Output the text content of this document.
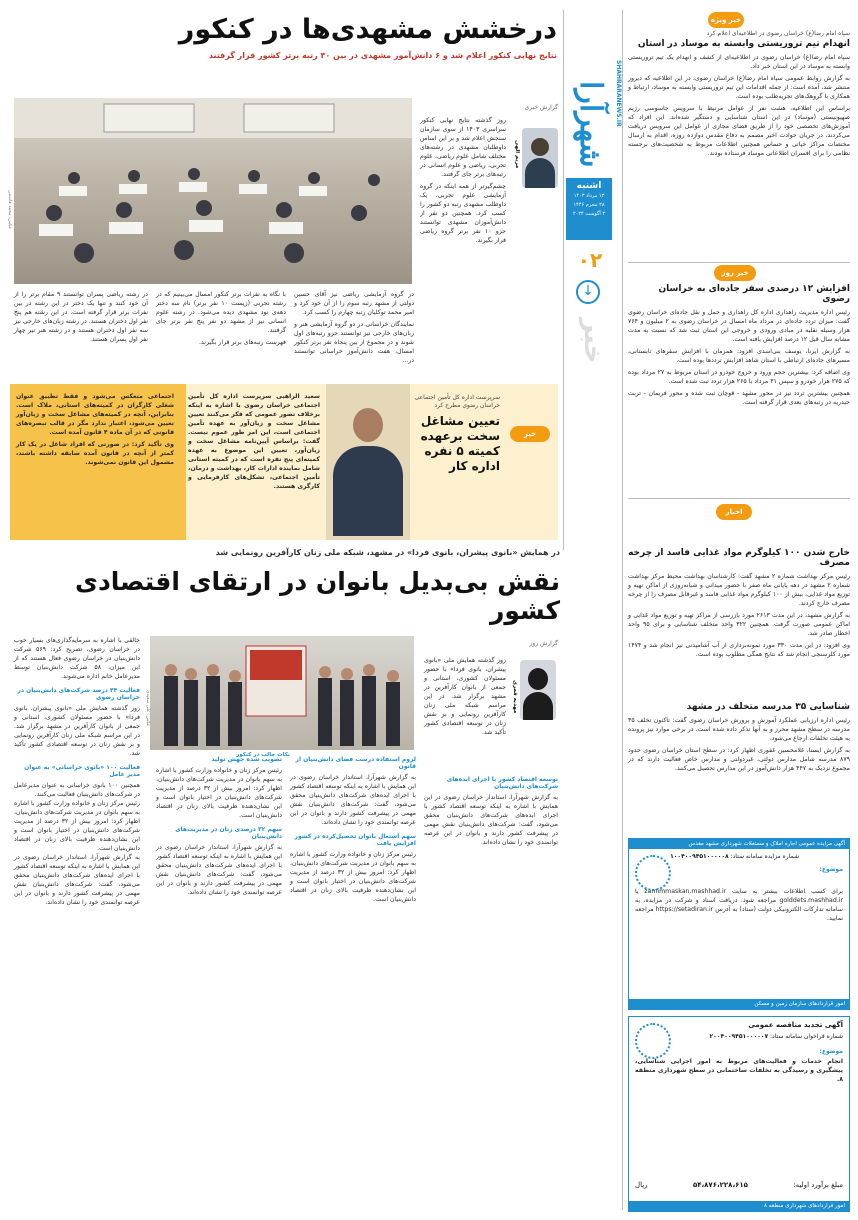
شهرآرا
اشنبه
۱۳ مرداد ۱۴۰۳
۲۸ محرم ۱۴۴۶
۳ آگوست ۲۰۲۴
۰۲
↓
خبر
SHAHRARANEWS.IR
خبر ویژه
سپاه امام رضا(ع) خراسان رضوی در اطلاعیه‌ای اعلام کرد
انهدام تیم تروریستی وابسته به موساد در استان

سپاه امام رضا(ع) خراسان رضوی در اطلاعیه‌ای از کشف و انهدام یک تیم تروریستی وابسته به موساد در این استان خبر داد.

به گزارش روابط عمومی سپاه امام رضا(ع) خراسان رضوی، در این اطلاعیه که دیروز منتشر شد، آمده است: از جمله اقدامات این تیم تروریستی وابسته به موساد، ارتباط و همکاری با گروهک‌های تجزیه‌طلب بوده است.

براساس این اطلاعیه، هشت نفر از عوامل مرتبط با سرویس جاسوسی رژیم صهیونیستی (موساد) در این استان شناسایی و دستگیر شده‌اند. این افراد که آموزش‌های تخصصی خود را از طریق فضای مجازی از عوامل این سرویس دریافت می‌کردند، در جریان حوادث اخیر مصمم به دفاع مقدس دوازده روزه، اقدام به ارسال مختصات مراکز حیاتی و حساس همچنین اطلاعات مربوط به شخصیت‌های برجسته نظامی را برای افسران اطلاعاتی موساد فرستاده بودند.

خبر روز
افزایش ۱۲ درصدی سفر جاده‌ای به خراسان رضوی

رئیس اداره مدیریت راهداری اداره کل راهداری و حمل و نقل جاده‌ای خراسان رضوی گفت: میزان تردد جاده‌ای در مرداد ماه امسال در خراسان رضوی به ۲ میلیون و ۷۶۴ هزار وسیله نقلیه در مبادی ورودی و خروجی این استان ثبت شد که نسبت به مدت مشابه سال قبل ۱۲ درصد افزایش یافته است.

به گزارش ایرنا، یوسف بنی‌اسدی افزود: همزمان با افزایش سفرهای تابستانی، مسیرهای جاده‌ای ارتباطی با استان شاهد افزایش ترددها بوده است.

وی اضافه کرد: بیشترین حجم ورود و خروج خودرو در استان مربوط به ۲۷ مرداد بوده که ۲۷۵ هزار خودرو و سپس ۳۱ مرداد با ۲۶۵ هزار تردد ثبت شده است.

همچنین بیشترین تردد نیز در محور مشهد - قوچان ثبت شده و محور فریمان - تربت حیدریه در رتبه‌های بعدی قرار گرفته است.

اخبار
خارج شدن ۱۰۰ کیلوگرم مواد غذایی فاسد از چرخه مصرف

رئیس مرکز بهداشت شماره ۲ مشهد گفت: کارشناسان بهداشت محیط مرکز بهداشت شماره ۲ مشهد در دهه پایانی ماه صفر با حضور میدانی و شبانه‌روزی از اماکن تهیه و توزیع مواد غذایی، بیش از ۱۰۰ کیلوگرم مواد غذایی فاسد و غیرقابل مصرف را از چرخه مصرف خارج کردند.

به گزارش مشهد، در این مدت ۲۶۱۳ مورد بازرسی از مراکز تهیه و توزیع مواد غذایی و اماکن عمومی صورت گرفت. همچنین ۳۲۲ واحد متخلف شناسایی و برای ۹۵ واحد اخطار صادر شد.

وی افزود: در این مدت ۳۳۰ مورد نمونه‌برداری از آب آشامیدنی نیز انجام شد و ۱۴۷۴ مورد کلرسنجی انجام شد که نتایج همگی مطلوب بوده است.

شناسایی ۳۵ مدرسه متخلف در مشهد

رئیس اداره ارزیابی عملکرد آموزش و پرورش خراسان رضوی گفت: تاکنون تخلف ۳۵ مدرسه در سطح مشهد محرز و به آنها تذکر داده شده است. در برخی موارد نیز پرونده به هیئت تخلفات ارجاع می‌شود.

به گزارش ایسنا، غلامحسین غفوری اظهار کرد: در سطح استان خراسان رضوی حدود ۸۷۹ مدرسه شامل مدارس دولتی، غیردولتی و مدارس خاص فعالیت دارند که در مجموع نزدیک به ۴۴۷ هزار دانش‌آموز در این مدارس تحصیل می‌کنند.

آگهی مزایده عمومی اجاره املاک و مستغلات شهرداری مشهد مقدس
شماره مزایده سامانه ستاد: ۱۰۰۴۰۰۹۴۵۱۰۰۰۰۰۸
موضوع:
برای کسب اطلاعات بیشتر به سایت zamimmaskan.mashhad.ir یا golddets.mashhad.ir مراجعه شود. دریافت اسناد و شرکت در مزایده، به سامانه تدارکات الکترونیکی دولت (ستاد) به آدرس https://setadiran.ir مراجعه نمایید.
امور قراردادهای سازمان زمین و مسکن
آگهی تجدید مناقصه عمومی
شماره فراخوان سامانه ستاد: ۲۰۰۴۰۰۹۴۵۱۰۰۰۰۰۷
موضوع:
انجام خدمات و فعالیت‌های مربوط به امور اجرایی شناسایی، پیشگیری و رسیدگی به تخلفات ساختمانی در سطح شهرداری منطقه ۸.
مبلغ برآورد اولیه:
۵۴،۸۷۶،۲۲۸،۶۱۵
ریال
امور قراردادهای شهرداری منطقه ۸
درخشش مشهدی‌ها در کنکور
نتایج نهایی کنکور اعلام شد و ۶ دانش‌آموز مشهدی در بین ۳۰ رتبه برتر کشور قرار گرفتند
عکس: محمد قاسمی
گزارش خبری
مریم الهی

روز گذشته نتایج نهایی کنکور سراسری ۱۴۰۳ از سوی سازمان سنجش اعلام شد و بر این اساس داوطلبان مشهدی در رشته‌های مختلف شامل علوم ریاضی، علوم تجربی، ریاضی و علوم انسانی در رتبه‌های برتر جای گرفتند.

چشم‌گیرتر از همه اینکه در گروه آزمایشی علوم تجربی، یک داوطلب مشهدی رتبه دو کشور را کسب کرد. همچنین دو نفر از دانش‌آموزان مشهدی توانستند جزو ۱۰ نفر برتر گروه ریاضی قرار بگیرند.

در گروه آزمایشی ریاضی نیز آقای حسین دولتی از مشهد رتبه سوم را از آن خود کرد و امیر محمد توکلیان رتبه چهارم را کسب کرد.

نمایندگان خراسانی در دو گروه آزمایشی هنر و زبان‌های خارجی نیز توانستند جزو رتبه‌های اول شوند و در مجموع از بین پنجاه نفر برتر کنکور امسال، هفت دانش‌آموز خراسانی توانستند در...

با نگاه به نفرات برتر کنکور امسال می‌بینیم که در رشته تجربی (زیست ۱۰ نفر برتر) نام سه دختر دهه‌ی نود مشهدی دیده می‌شود. در رشته علوم انسانی نیز از مشهد دو نفر پنج نفر برتر جای گرفتند.

فهرست رتبه‌های برتر قرار بگیرند.

در رشته ریاضی پسران توانستند ۹ مقام برتر را از آن خود کنند و تنها یک دختر در این رشته در بین نفرات برتر قرار گرفته است. در این رشته هم پنج نفر اول دختران هستند. در رشته زبان‌های خارجی نیز سه نفر اول دختران هستند و در رشته هنر نیز چهار نفر اول پسران هستند.

خبر
سرپرست اداره کل تأمین اجتماعی خراسان رضوی مطرح کرد
تعیین مشاغل سخت برعهده کمیته ۵ نفره اداره کار

سعید الراهبی سرپرست اداره کل تأمین اجتماعی خراسان رضوی با اشاره به اینکه برخلاف تصور عمومی که فکر می‌کنند تعیین مشاغل سخت و زیان‌آور به عهده تأمین اجتماعی است، این امر طور عموم نیست. گفت: براساس آیین‌نامه مشاغل سخت و زیان‌آور، تعیین این موضوع به عهده کمیته‌ای پنج نفره است که در کمیته استانی شامل نماینده ادارات کار، بهداشت و درمان، تأمین اجتماعی، تشکل‌های کارفرمایی و کارگری هستند.

اجتماعی متعکس می‌شود و فقط تطبیق عنوان شغلی کارگران در کمیته‌های استانی، ملاک است. بنابراین، آنچه در کمیته‌های مشاغل سخت و زیان‌آور تعیین می‌شود، اعتبار ندارد مگر در قالب تبصره‌های قانونی که در آن ماده ۴ قانون آمده است.

وی تأکید کرد: در صورتی که افراد شاغل در یک کار کمتر از آنچه در قانون آمده سابقه داشته باشند، مشمول این قانون نمی‌شوند.

در همایش «بانوی پیشران، بانوی فردا» در مشهد، شبکه ملی زنان کارآفرین رونمایی شد
نقش بی‌بدیل بانوان در ارتقای اقتصادی کشور
گزارش روز
مهدیه قمری
عکس: علی سعیدی
روز گذشته همایش ملی «بانوی پیشران، بانوی فردا» با حضور مسئولان کشوری، استانی و جمعی از بانوان کارآفرین در مشهد برگزار شد. در این مراسم شبکه ملی زنان کارآفرین رونمایی و بر نقش زنان در توسعه اقتصادی کشور تأکید شد.
توسعه اقتصاد کشور با اجرای ایده‌های شرکت‌های دانش‌بنیان
به گزارش شهرآرا، استاندار خراسان رضوی در این همایش با اشاره به اینکه توسعه اقتصاد کشور با اجرای ایده‌های شرکت‌های دانش‌بنیان محقق می‌شود، گفت: شرکت‌های دانش‌بنیان نقش مهمی در پیشرفت کشور دارند و بانوان در این عرصه توانمندی خود را نشان داده‌اند.
لزوم استفاده درست فضای دانش‌بنیان از قانون
به گزارش شهرآرا، استاندار خراسان رضوی در این همایش با اشاره به اینکه توسعه اقتصاد کشور با اجرای ایده‌های شرکت‌های دانش‌بنیان محقق می‌شود، گفت: شرکت‌های دانش‌بنیان نقش مهمی در پیشرفت کشور دارند و بانوان در این عرصه توانمندی خود را نشان داده‌اند.
سهم اشتغال بانوان تحصیل‌کرده در کشور افزایش یافت
رئیس مرکز زنان و خانواده وزارت کشور با اشاره به سهم بانوان در مدیریت شرکت‌های دانش‌بنیان، اظهار کرد: امروز بیش از ۳۲ درصد از مدیریت شرکت‌های دانش‌بنیان در اختیار بانوان است و این نشان‌دهنده ظرفیت بالای زنان در اقتصاد دانش‌بنیان است.
تصویب شده جهش تولید
رئیس مرکز زنان و خانواده وزارت کشور با اشاره به سهم بانوان در مدیریت شرکت‌های دانش‌بنیان، اظهار کرد: امروز بیش از ۳۲ درصد از مدیریت شرکت‌های دانش‌بنیان در اختیار بانوان است و این نشان‌دهنده ظرفیت بالای زنان در اقتصاد دانش‌بنیان است.
سهم ۳۲ درصدی زنان در مدیریت‌های دانش‌بنیان
به گزارش شهرآرا، استاندار خراسان رضوی در این همایش با اشاره به اینکه توسعه اقتصاد کشور با اجرای ایده‌های شرکت‌های دانش‌بنیان محقق می‌شود، گفت: شرکت‌های دانش‌بنیان نقش مهمی در پیشرفت کشور دارند و بانوان در این عرصه توانمندی خود را نشان داده‌اند.
خالقی با اشاره به سرمایه‌گذاری‌های بسیار خوب در خراسان رضوی، تصریح کرد: ۵۶۹ شرکت دانش‌بنیان در خراسان رضوی فعال هستند که از این میزان، ۵۸ شرکت دانش‌بنیان توسط مدیرعامل خانم اداره می‌شوند.
فعالیت ۴۴ درصد شرکت‌های دانش‌بنیان در خراسان رضوی
روز گذشته همایش ملی «بانوی پیشران، بانوی فردا» با حضور مسئولان کشوری، استانی و جمعی از بانوان کارآفرین در مشهد برگزار شد. در این مراسم شبکه ملی زنان کارآفرین رونمایی و بر نقش زنان در توسعه اقتصادی کشور تأکید شد.
فعالیت ۱۰۰ «بانوی خراسانی» به عنوان مدیر عامل
همچنین ۱۰۰ بانوی خراسانی به عنوان مدیرعامل در شرکت‌های دانش‌بنیان فعالیت می‌کنند.
رئیس مرکز زنان و خانواده وزارت کشور با اشاره به سهم بانوان در مدیریت شرکت‌های دانش‌بنیان، اظهار کرد: امروز بیش از ۳۲ درصد از مدیریت شرکت‌های دانش‌بنیان در اختیار بانوان است و این نشان‌دهنده ظرفیت بالای زنان در اقتصاد دانش‌بنیان است.
به گزارش شهرآرا، استاندار خراسان رضوی در این همایش با اشاره به اینکه توسعه اقتصاد کشور با اجرای ایده‌های شرکت‌های دانش‌بنیان محقق می‌شود، گفت: شرکت‌های دانش‌بنیان نقش مهمی در پیشرفت کشور دارند و بانوان در این عرصه توانمندی خود را نشان داده‌اند.
نکات جالب در کنکور
